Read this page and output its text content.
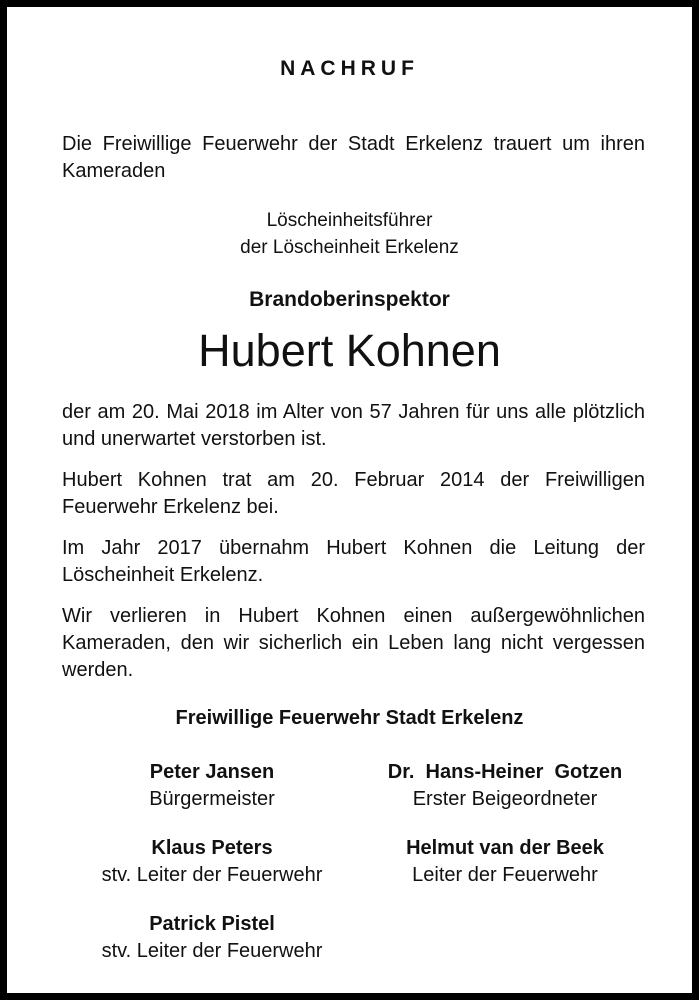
NACHRUF

Die Freiwillige Feuerwehr der Stadt Erkelenz trauert um ihren Kameraden

Löscheinheitsführer
der Löscheinheit Erkelenz
Brandoberinspektor
Hubert Kohnen

der am 20. Mai 2018 im Alter von 57 Jahren für uns alle plötzlich und unerwartet verstorben ist.

Hubert Kohnen trat am 20. Februar 2014 der Freiwilligen Feuerwehr Erkelenz bei.

Im Jahr 2017 übernahm Hubert Kohnen die Leitung der Löscheinheit Erkelenz.

Wir verlieren in Hubert Kohnen einen außergewöhnlichen Kameraden, den wir sicherlich ein Leben lang nicht vergessen werden.

Freiwillige Feuerwehr Stadt Erkelenz
Peter Jansen
Bürgermeister
Dr.  Hans-Heiner  Gotzen
Erster Beigeordneter
Klaus Peters
stv. Leiter der Feuerwehr
Helmut van der Beek
Leiter der Feuerwehr
Patrick Pistel
stv. Leiter der Feuerwehr
